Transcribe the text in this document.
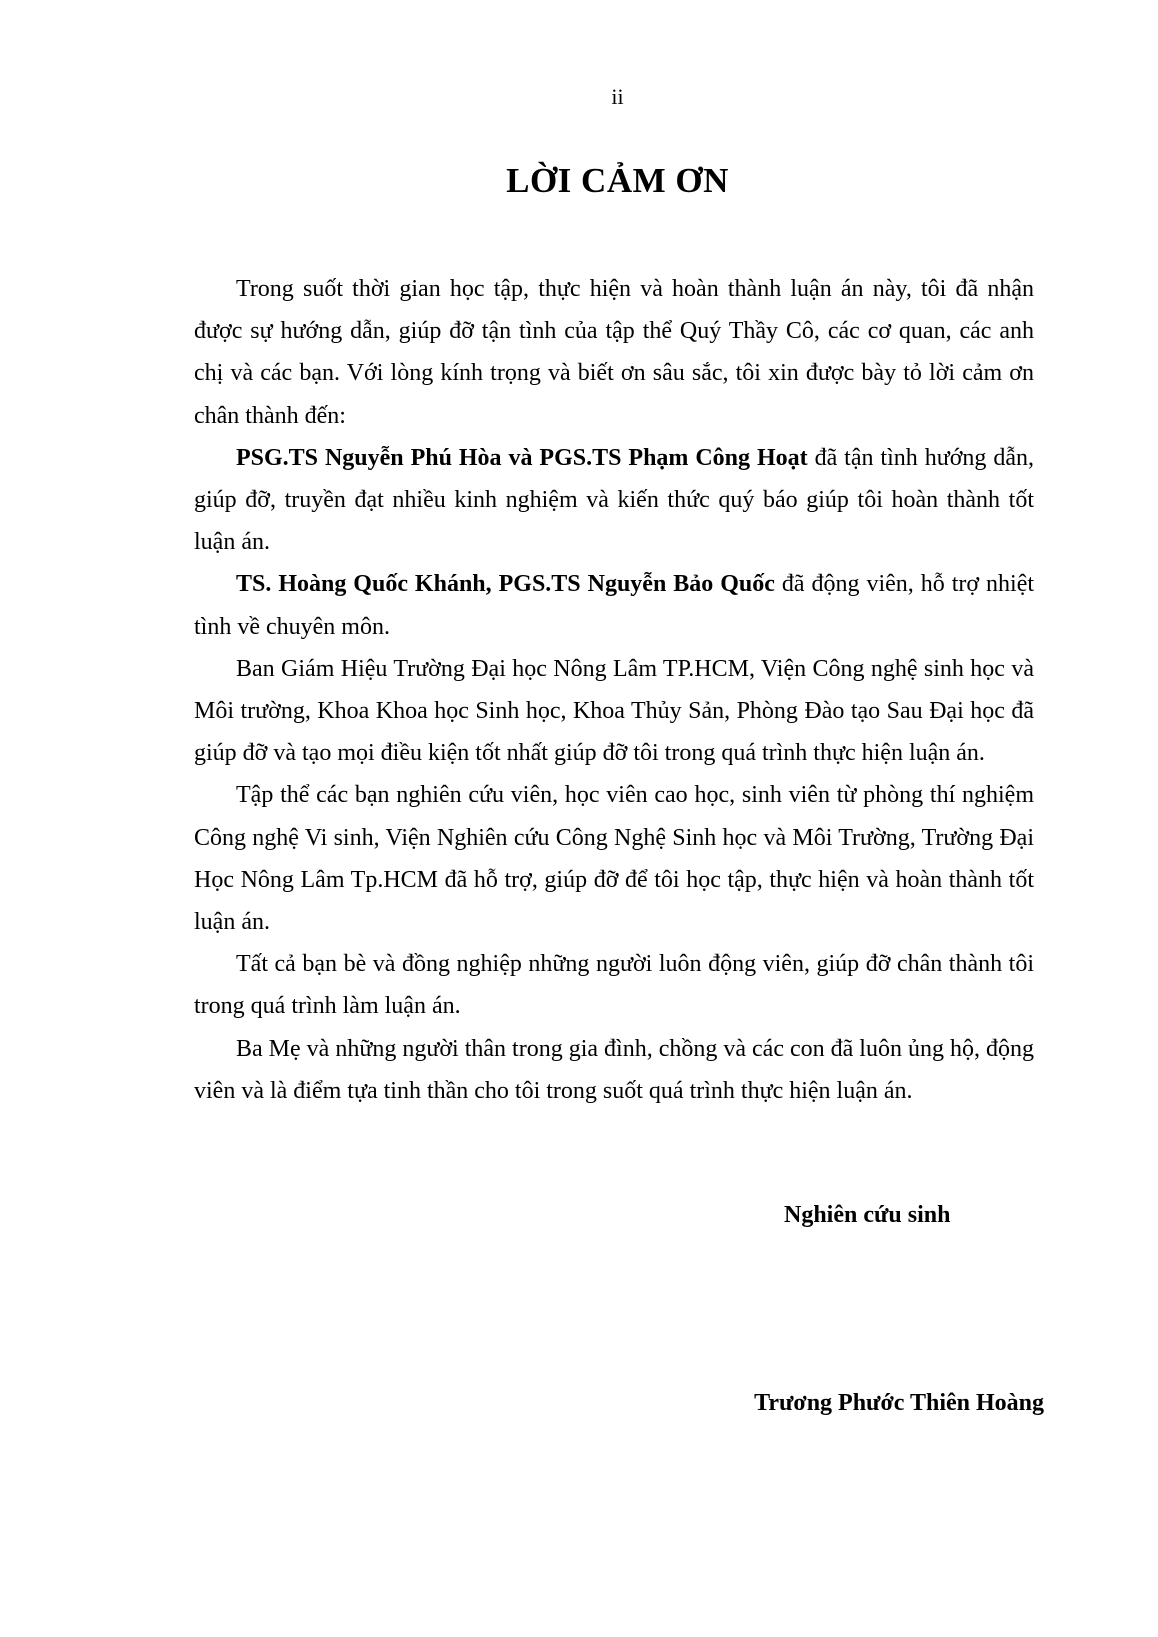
ii
LỜI CẢM ƠN

Trong suốt thời gian học tập, thực hiện và hoàn thành luận án này, tôi đã nhận được sự hướng dẫn, giúp đỡ tận tình của tập thể Quý Thầy Cô, các cơ quan, các anh chị và các bạn. Với lòng kính trọng và biết ơn sâu sắc, tôi xin được bày tỏ lời cảm ơn chân thành đến:

PSG.TS Nguyễn Phú Hòa và PGS.TS Phạm Công Hoạt đã tận tình hướng dẫn, giúp đỡ, truyền đạt nhiều kinh nghiệm và kiến thức quý báo giúp tôi hoàn thành tốt luận án.

TS. Hoàng Quốc Khánh, PGS.TS Nguyễn Bảo Quốc đã động viên, hỗ trợ nhiệt tình về chuyên môn.

Ban Giám Hiệu Trường Đại học Nông Lâm TP.HCM, Viện Công nghệ sinh học và Môi trường, Khoa Khoa học Sinh học, Khoa Thủy Sản, Phòng Đào tạo Sau Đại học đã giúp đỡ và tạo mọi điều kiện tốt nhất giúp đỡ tôi trong quá trình thực hiện luận án.

Tập thể các bạn nghiên cứu viên, học viên cao học, sinh viên từ phòng thí nghiệm Công nghệ Vi sinh, Viện Nghiên cứu Công Nghệ Sinh học và Môi Trường, Trường Đại Học Nông Lâm Tp.HCM đã hỗ trợ, giúp đỡ để tôi học tập, thực hiện và hoàn thành tốt luận án.

Tất cả bạn bè và đồng nghiệp những người luôn động viên, giúp đỡ chân thành tôi trong quá trình làm luận án.

Ba Mẹ và những người thân trong gia đình, chồng và các con đã luôn ủng hộ, động viên và là điểm tựa tinh thần cho tôi trong suốt quá trình thực hiện luận án.

Nghiên cứu sinh
Trương Phước Thiên Hoàng
